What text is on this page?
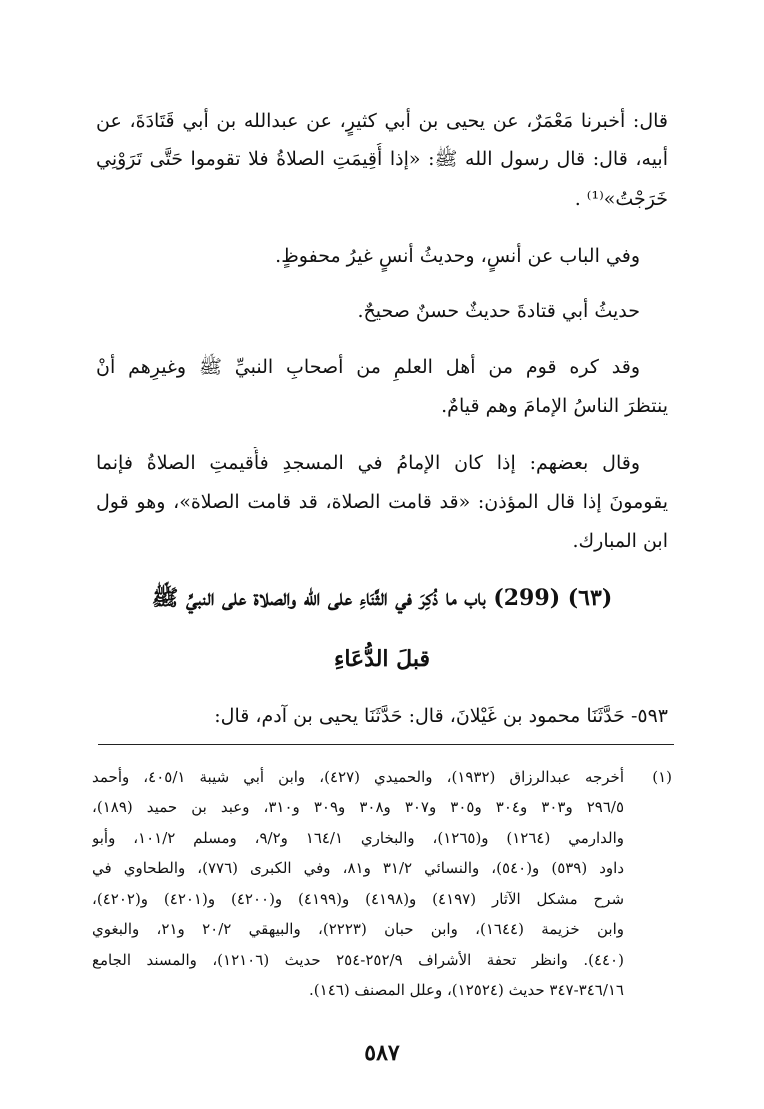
قال: أخبرنا مَعْمَرٌ، عن يحيى بن أبي كثيرٍ، عن عبدالله بن أبي قَتَادَةَ، عن
أبيه، قال: قال رسول الله ﷺ: «إذا أُقِيمَتِ الصلاةُ فلا تقوموا حَتَّى تَرَوْنِي
خَرَجْتُ»⁽¹⁾ .
وفي الباب عن أنسٍ، وحديثُ أنسٍ غيرُ محفوظٍ.
حديثُ أبي قتادةَ حديثٌ حسنٌ صحيحٌ.
وقد كره قوم من أهل العلمِ من أصحابِ النبيِّ ﷺ وغيرِهم أنْ
ينتظرَ الناسُ الإمامَ وهم قيامٌ.
وقال بعضهم: إذا كان الإمامُ في المسجدِ فأُقيمتِ الصلاةُ فإنما
يقومونَ إذا قال المؤذن: «قد قامت الصلاة، قد قامت الصلاة»، وهو قول
ابن المبارك.
(٦٣) (299) باب ما ذُكِرَ في الثَّنَاءِ على الله والصلاة على النبيِّ ﷺ
قبلَ الدُّعَاءِ
٥٩٣- حَدَّثَنَا محمود بن غَيْلانَ، قال: حَدَّثَنَا يحيى بن آدم، قال:
(١)
أخرجه عبدالرزاق (١٩٣٢)، والحميدي (٤٢٧)، وابن أبي شيبة ٤٠٥/١، وأحمد
٢٩٦/٥ و٣٠٣ و٣٠٤ و٣٠٥ و٣٠٧ و٣٠٨ و٣٠٩ و٣١٠، وعبد بن حميد (١٨٩)،
والدارمي (١٢٦٤) و(١٢٦٥)، والبخاري ١٦٤/١ و٩/٢، ومسلم ١٠١/٢، وأبو
داود (٥٣٩) و(٥٤٠)، والنسائي ٣١/٢ و٨١، وفي الكبرى (٧٧٦)، والطحاوي في
شرح مشكل الآثار (٤١٩٧) و(٤١٩٨) و(٤١٩٩) و(٤٢٠٠) و(٤٢٠١) و(٤٢٠٢)،
وابن خزيمة (١٦٤٤)، وابن حبان (٢٢٢٣)، والبيهقي ٢٠/٢ و٢١، والبغوي
(٤٤٠). وانظر تحفة الأشراف ٢٥٢/٩-٢٥٤ حديث (١٢١٠٦)، والمسند الجامع
٣٤٦/١٦-٣٤٧ حديث (١٢٥٢٤)، وعلل المصنف (١٤٦).
٥٨٧
